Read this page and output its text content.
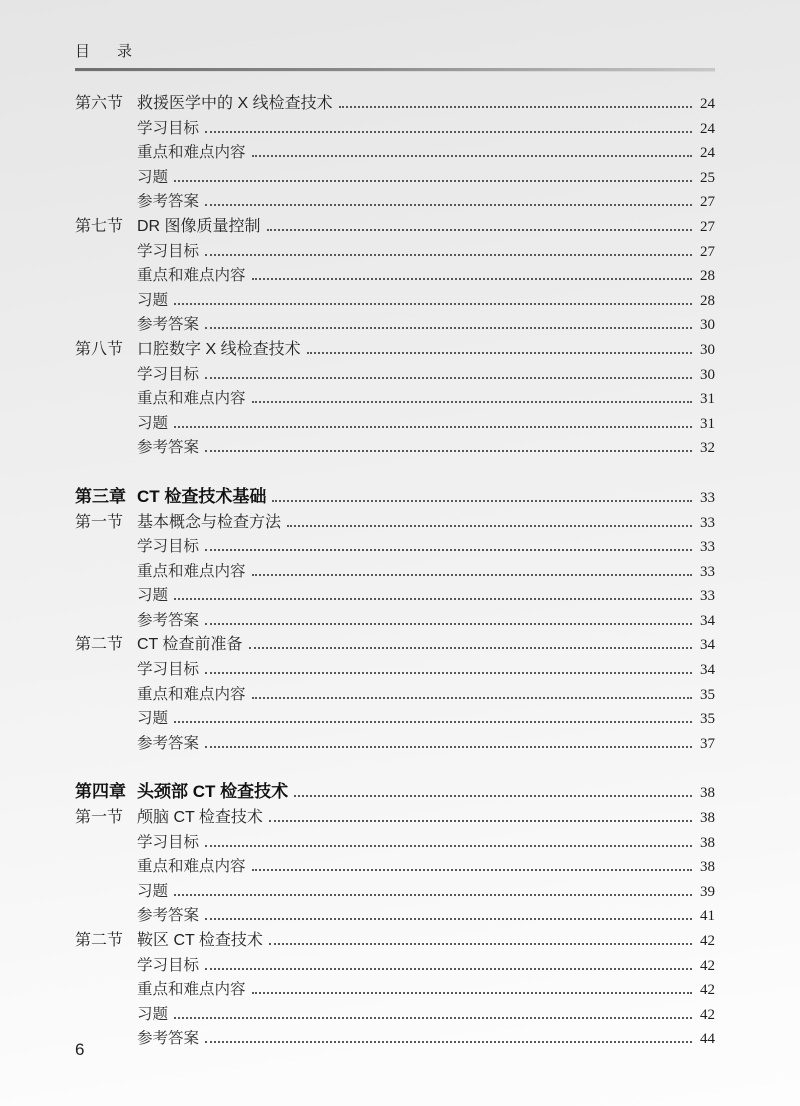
目　录
第六节 救援医学中的 X 线检查技术	24
学习目标	24
重点和难点内容	24
习题	25
参考答案	27
第七节 DR 图像质量控制	27
学习目标	27
重点和难点内容	28
习题	28
参考答案	30
第八节 口腔数字 X 线检查技术	30
学习目标	30
重点和难点内容	31
习题	31
参考答案	32
第三章 CT 检查技术基础	33
第一节 基本概念与检查方法	33
学习目标	33
重点和难点内容	33
习题	33
参考答案	34
第二节 CT 检查前准备	34
学习目标	34
重点和难点内容	35
习题	35
参考答案	37
第四章 头颈部 CT 检查技术	38
第一节 颅脑 CT 检查技术	38
学习目标	38
重点和难点内容	38
习题	39
参考答案	41
第二节 鞍区 CT 检查技术	42
学习目标	42
重点和难点内容	42
习题	42
参考答案	44
6
